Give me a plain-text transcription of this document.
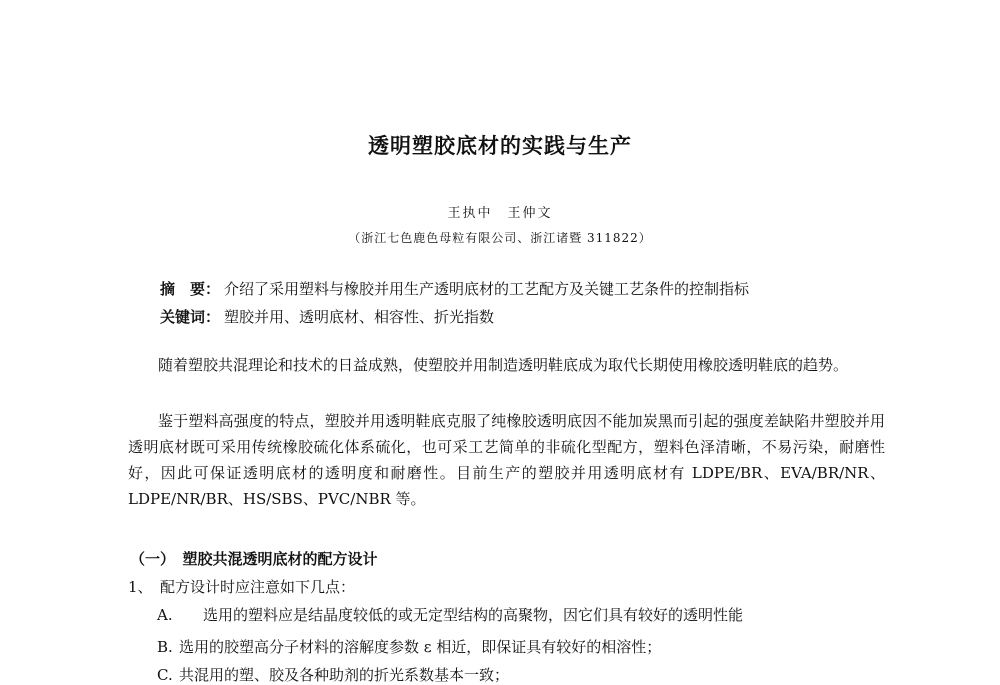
透明塑胶底材的实践与生产
王执中　王仲文
（浙江七色鹿色母粒有限公司、浙江诸暨 311822）
摘　要： 介绍了采用塑料与橡胶并用生产透明底材的工艺配方及关键工艺条件的控制指标
关键词： 塑胶并用、透明底材、相容性、折光指数

随着塑胶共混理论和技术的日益成熟，使塑胶并用制造透明鞋底成为取代长期使用橡胶透明鞋底的趋势。

鉴于塑料高强度的特点，塑胶并用透明鞋底克服了纯橡胶透明底因不能加炭黑而引起的强度差缺陷井塑胶并用透明底材既可采用传统橡胶硫化体系硫化，也可采工艺简单的非硫化型配方，塑料色泽清晰，不易污染，耐磨性好，因此可保证透明底材的透明度和耐磨性。目前生产的塑胶并用透明底材有 LDPE/BR、EVA/BR/NR、LDPE/NR/BR、HS/SBS、PVC/NBR 等。

（一）　塑胶共混透明底材的配方设计
1、　配方设计时应注意如下几点：
A. 选用的塑料应是结晶度较低的或无定型结构的高聚物，因它们具有较好的透明性能
B. 选用的胶塑高分子材料的溶解度参数 ε 相近，即保证具有较好的相溶性；
C. 共混用的塑、胶及各种助剂的折光系数基本一致；
